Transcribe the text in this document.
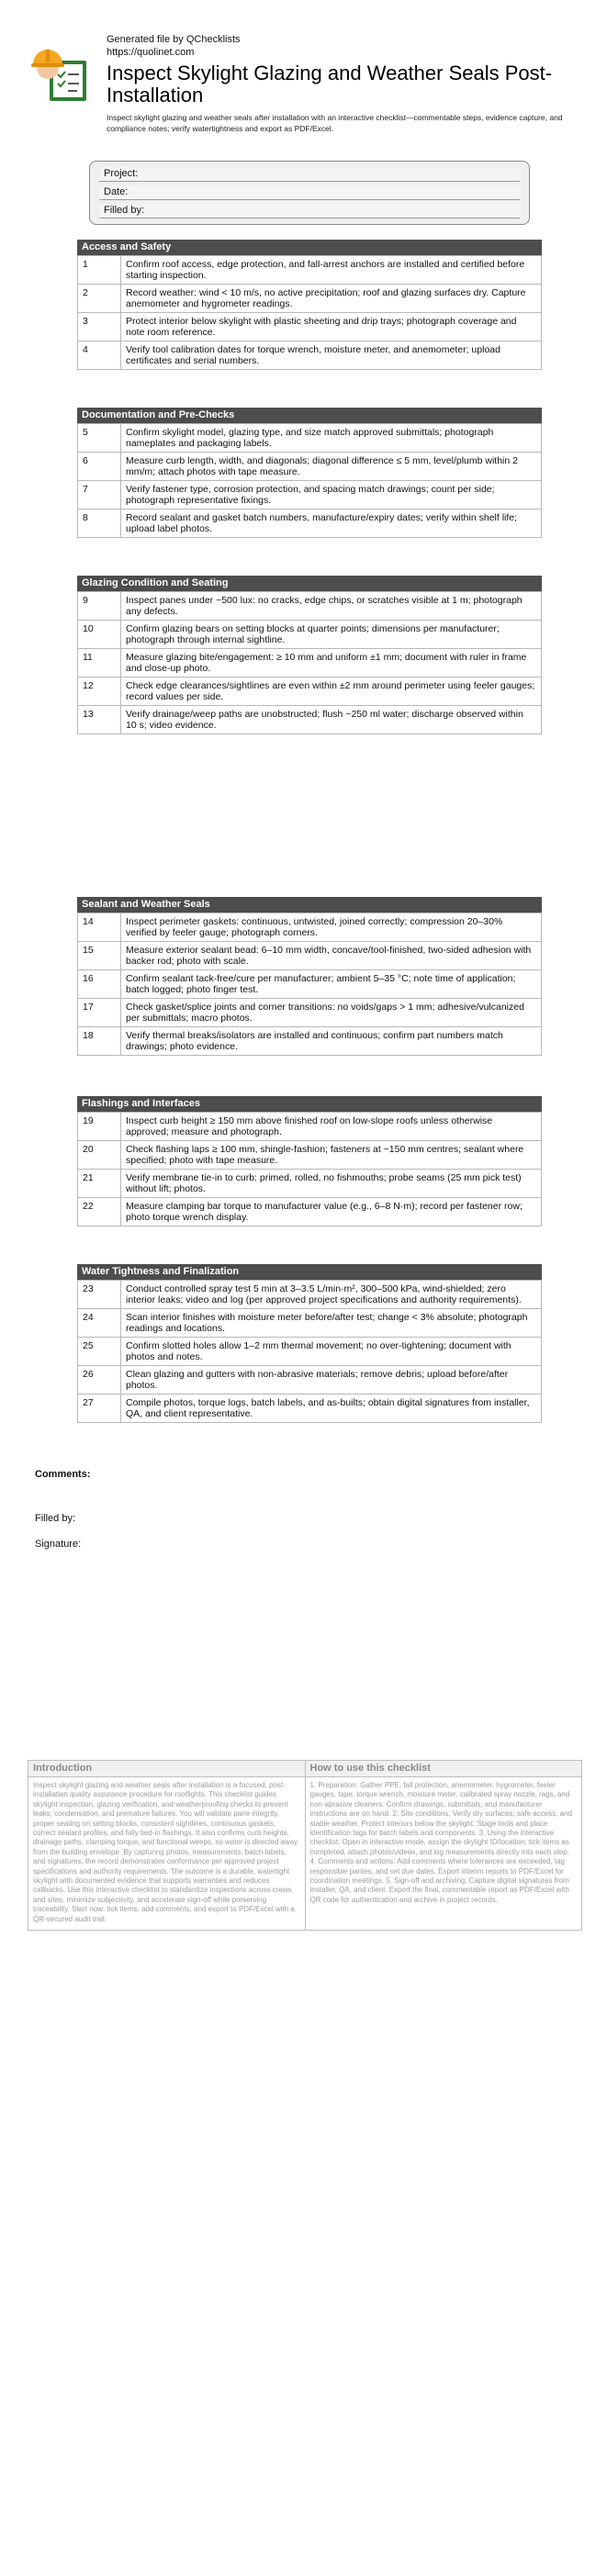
Generated file by QChecklists
https://quolinet.com
Inspect Skylight Glazing and Weather Seals Post-Installation
Inspect skylight glazing and weather seals after installation with an interactive checklist—commentable steps, evidence capture, and compliance notes; verify watertightness and export as PDF/Excel.
Project:
Date:
Filled by:
Access and Safety
1	Confirm roof access, edge protection, and fall-arrest anchors are installed and certified before starting inspection.
2	Record weather: wind < 10 m/s, no active precipitation; roof and glazing surfaces dry. Capture anemometer and hygrometer readings.
3	Protect interior below skylight with plastic sheeting and drip trays; photograph coverage and note room reference.
4	Verify tool calibration dates for torque wrench, moisture meter, and anemometer; upload certificates and serial numbers.
Documentation and Pre-Checks
5	Confirm skylight model, glazing type, and size match approved submittals; photograph nameplates and packaging labels.
6	Measure curb length, width, and diagonals; diagonal difference ≤ 5 mm, level/plumb within 2 mm/m; attach photos with tape measure.
7	Verify fastener type, corrosion protection, and spacing match drawings; count per side; photograph representative fixings.
8	Record sealant and gasket batch numbers, manufacture/expiry dates; verify within shelf life; upload label photos.
Glazing Condition and Seating
9	Inspect panes under ~500 lux: no cracks, edge chips, or scratches visible at 1 m; photograph any defects.
10	Confirm glazing bears on setting blocks at quarter points; dimensions per manufacturer; photograph through internal sightline.
11	Measure glazing bite/engagement: ≥ 10 mm and uniform ±1 mm; document with ruler in frame and close-up photo.
12	Check edge clearances/sightlines are even within ±2 mm around perimeter using feeler gauges; record values per side.
13	Verify drainage/weep paths are unobstructed; flush ~250 ml water; discharge observed within 10 s; video evidence.
Sealant and Weather Seals
14	Inspect perimeter gaskets: continuous, untwisted, joined correctly; compression 20–30% verified by feeler gauge; photograph corners.
15	Measure exterior sealant bead: 6–10 mm width, concave/tool-finished, two-sided adhesion with backer rod; photo with scale.
16	Confirm sealant tack-free/cure per manufacturer; ambient 5–35 °C; note time of application; batch logged; photo finger test.
17	Check gasket/splice joints and corner transitions: no voids/gaps > 1 mm; adhesive/vulcanized per submittals; macro photos.
18	Verify thermal breaks/isolators are installed and continuous; confirm part numbers match drawings; photo evidence.
Flashings and Interfaces
19	Inspect curb height ≥ 150 mm above finished roof on low-slope roofs unless otherwise approved; measure and photograph.
20	Check flashing laps ≥ 100 mm, shingle-fashion; fasteners at ~150 mm centres; sealant where specified; photo with tape measure.
21	Verify membrane tie-in to curb: primed, rolled, no fishmouths; probe seams (25 mm pick test) without lift; photos.
22	Measure clamping bar torque to manufacturer value (e.g., 6–8 N·m); record per fastener row; photo torque wrench display.
Water Tightness and Finalization
23	Conduct controlled spray test 5 min at 3–3.5 L/min·m², 300–500 kPa, wind-shielded; zero interior leaks; video and log (per approved project specifications and authority requirements).
24	Scan interior finishes with moisture meter before/after test; change < 3% absolute; photograph readings and locations.
25	Confirm slotted holes allow 1–2 mm thermal movement; no over-tightening; document with photos and notes.
26	Clean glazing and gutters with non-abrasive materials; remove debris; upload before/after photos.
27	Compile photos, torque logs, batch labels, and as-builts; obtain digital signatures from installer, QA, and client representative.
Comments:
Filled by:
Signature:
Introduction
Inspect skylight glazing and weather seals after installation is a focused, post-installation quality assurance procedure for rooflights. This checklist guides skylight inspection, glazing verification, and weatherproofing checks to prevent leaks, condensation, and premature failures. You will validate pane integrity, proper seating on setting blocks, consistent sightlines, continuous gaskets, correct sealant profiles, and fully tied-in flashings. It also confirms curb heights, drainage paths, clamping torque, and functional weeps, so water is directed away from the building envelope. By capturing photos, measurements, batch labels, and signatures, the record demonstrates conformance per approved project specifications and authority requirements. The outcome is a durable, watertight skylight with documented evidence that supports warranties and reduces callbacks. Use this interactive checklist to standardize inspections across crews and sites, minimize subjectivity, and accelerate sign-off while preserving traceability. Start now: tick items, add comments, and export to PDF/Excel with a QR-secured audit trail.
How to use this checklist
1. Preparation: Gather PPE, fall protection, anemometer, hygrometer, feeler gauges, tape, torque wrench, moisture meter, calibrated spray nozzle, rags, and non-abrasive cleaners. Confirm drawings, submittals, and manufacturer instructions are on hand. 2. Site conditions: Verify dry surfaces, safe access, and stable weather. Protect interiors below the skylight. Stage tools and place identification tags for batch labels and components. 3. Using the interactive checklist: Open in interactive mode, assign the skylight ID/location, tick items as completed, attach photos/videos, and log measurements directly into each step. 4. Comments and actions: Add comments where tolerances are exceeded, tag responsible parties, and set due dates. Export interim reports to PDF/Excel for coordination meetings. 5. Sign-off and archiving: Capture digital signatures from installer, QA, and client. Export the final, commentable report as PDF/Excel with QR code for authentication and archive in project records.
